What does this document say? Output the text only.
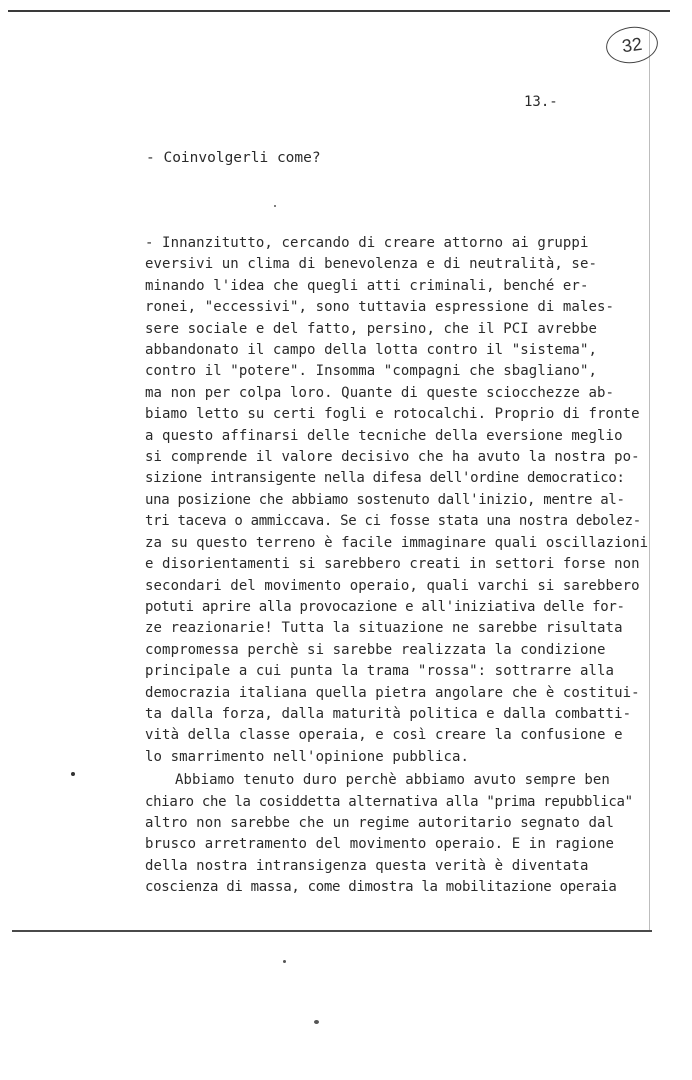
32
13.-
- Coinvolgerli come?
- Innanzitutto, cercando di creare attorno ai gruppi
eversivi un clima di benevolenza e di neutralità, se-
minando l'idea che quegli atti criminali, benché er-
ronei, "eccessivi", sono tuttavia espressione di males-
sere sociale e del fatto, persino, che il PCI avrebbe
abbandonato il campo della lotta contro il "sistema",
contro il "potere". Insomma "compagni che sbagliano",
ma non per colpa loro. Quante di queste sciocchezze ab-
biamo letto su certi fogli e rotocalchi. Proprio di fronte
a questo affinarsi delle tecniche della eversione meglio
si comprende il valore decisivo che ha avuto la nostra po-
sizione intransigente nella difesa dell'ordine democratico:
una posizione che abbiamo sostenuto dall'inizio, mentre al-
tri taceva o ammiccava. Se ci fosse stata una nostra debolez-
za su questo terreno è facile immaginare quali oscillazioni
e disorientamenti si sarebbero creati in settori forse non
secondari del movimento operaio, quali varchi si sarebbero
potuti aprire alla provocazione e all'iniziativa delle for-
ze reazionarie! Tutta la situazione ne sarebbe risultata
compromessa perchè si sarebbe realizzata la condizione
principale a cui punta la trama "rossa": sottrarre alla
democrazia italiana quella pietra angolare che è costitui-
ta dalla forza, dalla maturità politica e dalla combatti-
vità della classe operaia, e così creare la confusione e
lo smarrimento nell'opinione pubblica.
Abbiamo tenuto duro perchè abbiamo avuto sempre ben
chiaro che la cosiddetta alternativa alla "prima repubblica"
altro non sarebbe che un regime autoritario segnato dal
brusco arretramento del movimento operaio. E in ragione
della nostra intransigenza questa verità è diventata
coscienza di massa, come dimostra la mobilitazione operaia
